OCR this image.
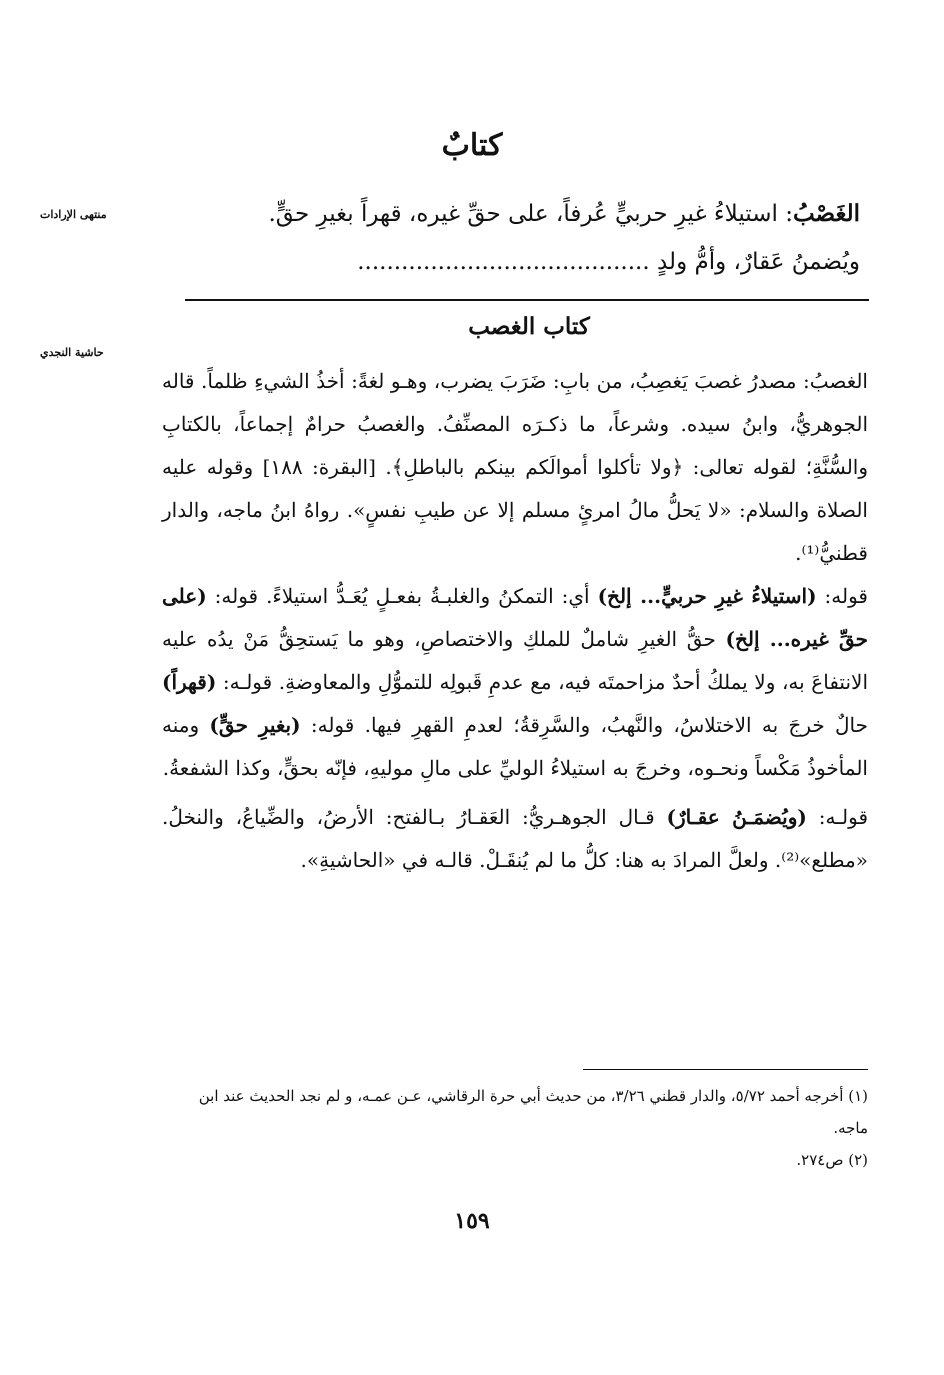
كتابٌ
منتهى الإرادات
حاشية النجدي
الغَصْبُ: استيلاءُ غيرِ حربيٍّ عُرفاً، على حقِّ غيره، قهراً بغيرِ حقٍّ.
ويُضمنُ عَقارٌ، وأمُّ ولدٍ ........................................
كتاب الغصب

الغصبُ: مصدرُ غصبَ يَغصِبُ، من بابِ: ضَرَبَ يضرب، وهـو لغةً: أخذُ الشيءِ ظلماً. قاله الجوهريُّ، وابنُ سيده. وشرعاً، ما ذكـرَه المصنِّفُ. والغصبُ حرامٌ إجماعاً، بالكتابِ والسُّنَّةِ؛ لقوله تعالى: ﴿ولا تأكلوا أموالَكم بينكم بالباطلِ﴾. [البقرة: ١٨٨] وقوله عليه الصلاة والسلام: «لا يَحلُّ مالُ امرئٍ مسلم إلا عن طيبِ نفسٍ». رواهُ ابنُ ماجه، والدار قطنيُّ⁽¹⁾.

قوله: (استيلاءُ غيرِ حربيٍّ... إلخ) أي: التمكنُ والغلبـةُ بفعـلٍ يُعَـدُّ استيلاءً. قوله: (على حقِّ غيره... إلخ) حقُّ الغيرِ شاملٌ للملكِ والاختصاصِ، وهو ما يَستحِقُّ مَنْ يدُه عليه الانتفاعَ به، ولا يملكُ أحدٌ مزاحمتَه فيه، مع عدمِ قَبولِه للتموُّلِ والمعاوضةِ. قولـه: (قهراً) حالٌ خرجَ به الاختلاسُ، والنَّهبُ، والسَّرِقةُ؛ لعدمِ القهرِ فيها. قوله: (بغيرِ حقٍّ) ومنه المأخوذُ مَكْساً ونحـوه، وخرجَ به استيلاءُ الوليِّ على مالِ موليهِ، فإنّه بحقٍّ، وكذا الشفعةُ.

قولـه: (ويُضمَـنُ عقـارٌ) قـال الجوهـريُّ: العَقـارُ بـالفتح: الأرضُ، والضِّياعُ، والنخلُ. «مطلع»⁽²⁾. ولعلَّ المرادَ به هنا: كلُّ ما لم يُنقَـلْ. قالـه في «الحاشيةِ».

(١) أخرجه أحمد ٥/٧٢، والدار قطني ٣/٢٦، من حديث أبي حرة الرقاشي، عـن عمـه، و لم نجد الحديث عند ابن ماجه.

(٢) ص٢٧٤.

١٥٩
